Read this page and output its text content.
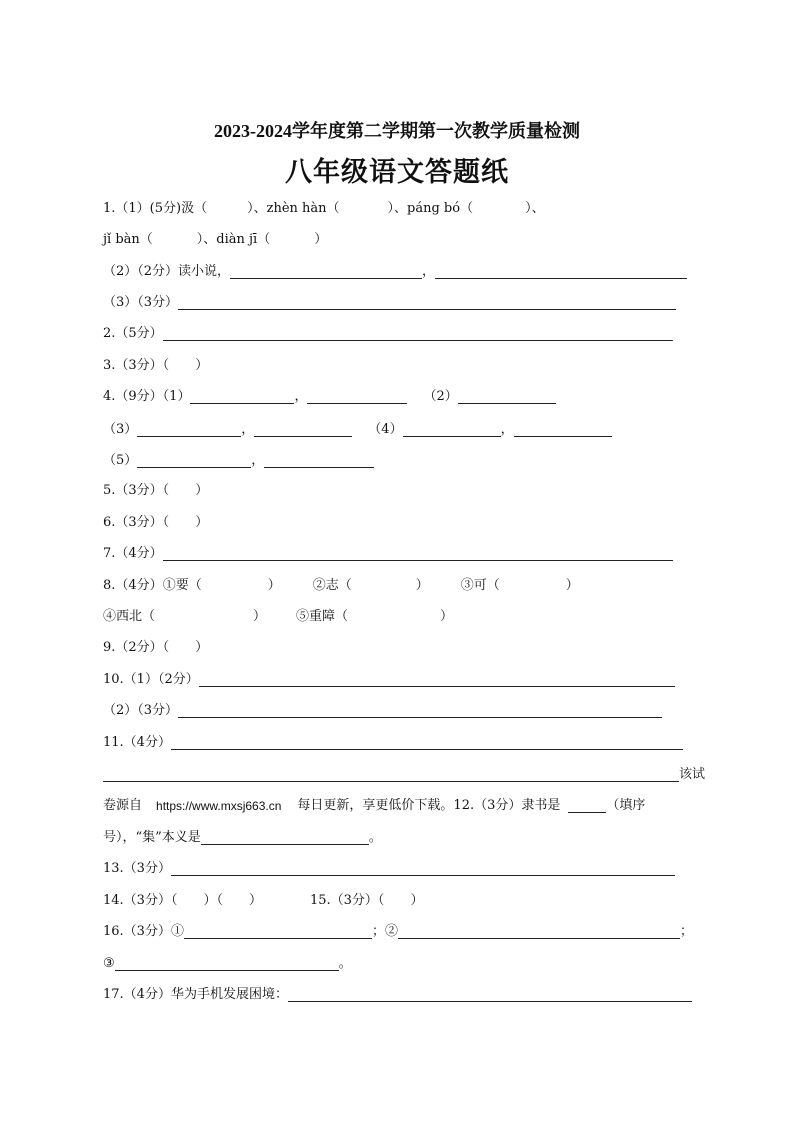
2023-2024学年度第二学期第一次教学质量检测
八年级语文答题纸
1.（1）(5分)汲（	）、zhèn hàn（	）、páng bó（	）、
jǐ bàn（	）、diàn jī（	）
（2）（2分）读小说，	，
（3）（3分）
2.（5分）
3.（3分）（ ）
4.（9分）（1）	，	（2）
（3）	，	（4）	，
（5）	，
5.（3分）（ ）
6.（3分）（ ）
7.（4分）
8.（4分）①要（	） ②志（	） ③可（	）
④西北（	） ⑤重障（	）
9.（2分）（ ）
10.（1）（2分）
（2）（3分）
11.（4分）
该试
卷源自 https://www.mxsj663.cn 每日更新，享更低价下载。12.（3分）隶书是	（填序
号），“集”本义是	。
13.（3分）
14.（3分）（ ）（ ）	15.（3分）（ ）
16.（3分）①	；②	；
③	。
17.（4分）华为手机发展困境：
